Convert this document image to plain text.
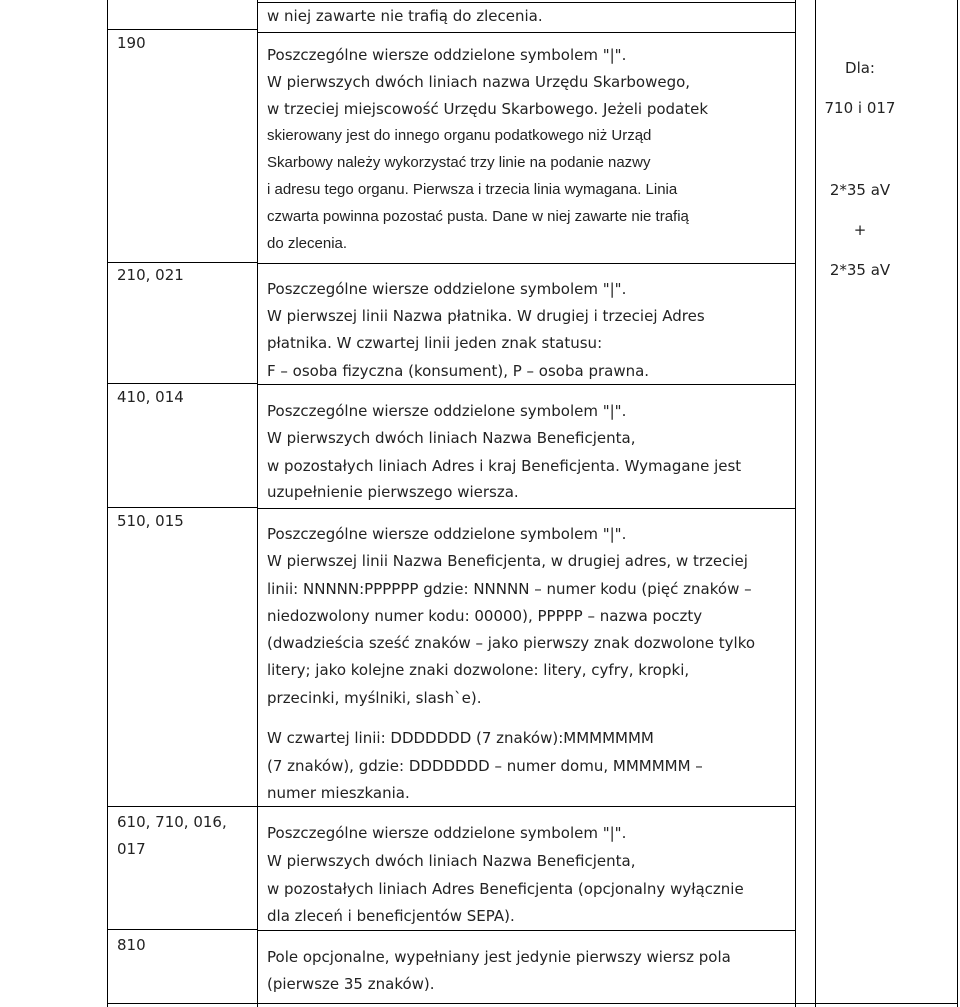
w niej zawarte nie trafią do zlecenia.
190
Poszczególne wiersze oddzielone symbolem "|".
W pierwszych dwóch liniach nazwa Urzędu Skarbowego,
w trzeciej miejscowość Urzędu Skarbowego. Jeżeli podatek
skierowany jest do innego organu podatkowego niż Urząd
Skarbowy należy wykorzystać trzy linie na podanie nazwy
i adresu tego organu. Pierwsza i trzecia linia wymagana. Linia
czwarta powinna pozostać pusta. Dane w niej zawarte nie trafią
do zlecenia.
210, 021
Poszczególne wiersze oddzielone symbolem "|".
W pierwszej linii Nazwa płatnika. W drugiej i trzeciej Adres
płatnika. W czwartej linii jeden znak statusu:
F – osoba fizyczna (konsument), P – osoba prawna.
410, 014
Poszczególne wiersze oddzielone symbolem "|".
W pierwszych dwóch liniach Nazwa Beneficjenta,
w pozostałych liniach Adres i kraj Beneficjenta. Wymagane jest
uzupełnienie pierwszego wiersza.
510, 015
Poszczególne wiersze oddzielone symbolem "|".
W pierwszej linii Nazwa Beneficjenta, w drugiej adres, w trzeciej
linii: NNNNN:PPPPPP gdzie: NNNNN – numer kodu (pięć znaków –
niedozwolony numer kodu: 00000), PPPPP – nazwa poczty
(dwadzieścia sześć znaków – jako pierwszy znak dozwolone tylko
litery; jako kolejne znaki dozwolone: litery, cyfry, kropki,
przecinki, myślniki, slash`e).
W czwartej linii: DDDDDDD (7 znaków):MMMMMMM
(7 znaków), gdzie: DDDDDDD – numer domu, MMMMMM –
numer mieszkania.
610, 710, 016,
017
Poszczególne wiersze oddzielone symbolem "|".
W pierwszych dwóch liniach Nazwa Beneficjenta,
w pozostałych liniach Adres Beneficjenta (opcjonalny wyłącznie
dla zleceń i beneficjentów SEPA).
810
Pole opcjonalne, wypełniany jest jedynie pierwszy wiersz pola
(pierwsze 35 znaków).
Dla:
710 i 017
2*35 aV
+
2*35 aV
